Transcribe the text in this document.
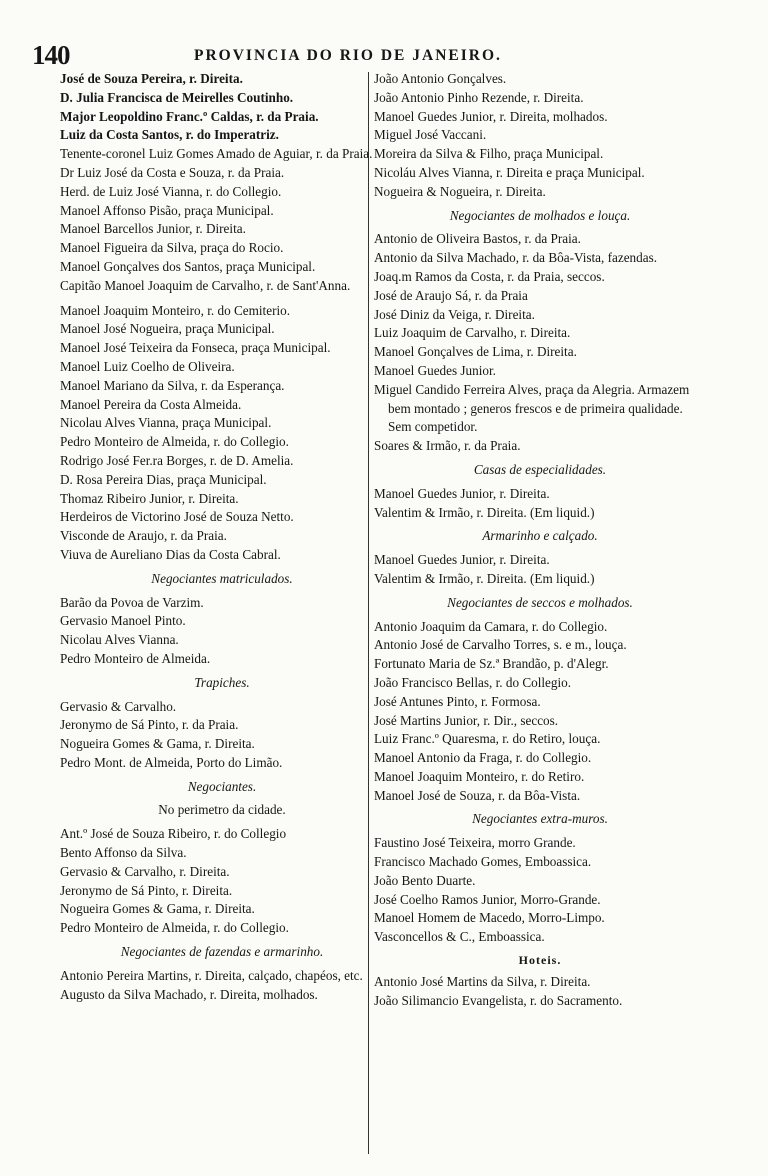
140	PROVINCIA DO RIO DE JANEIRO.

José de Souza Pereira, r. Direita.

D. Julia Francisca de Meirelles Coutinho.

Major Leopoldino Franc.º Caldas, r. da Praia.

Luiz da Costa Santos, r. do Imperatriz.

Tenente-coronel Luiz Gomes Amado de Aguiar, r. da Praia.

Dr Luiz José da Costa e Souza, r. da Praia.

Herd. de Luiz José Vianna, r. do Collegio.

Manoel Affonso Pisão, praça Municipal.

Manoel Barcellos Junior, r. Direita.

Manoel Figueira da Silva, praça do Rocio.

Manoel Gonçalves dos Santos, praça Municipal.

Capitão Manoel Joaquim de Carvalho, r. de Sant'Anna.

Manoel Joaquim Monteiro, r. do Cemiterio.

Manoel José Nogueira, praça Municipal.

Manoel José Teixeira da Fonseca, praça Municipal.

Manoel Luiz Coelho de Oliveira.

Manoel Mariano da Silva, r. da Esperança.

Manoel Pereira da Costa Almeida.

Nicolau Alves Vianna, praça Municipal.

Pedro Monteiro de Almeida, r. do Collegio.

Rodrigo José Fer.ra Borges, r. de D. Amelia.

D. Rosa Pereira Dias, praça Municipal.

Thomaz Ribeiro Junior, r. Direita.

Herdeiros de Victorino José de Souza Netto.

Visconde de Araujo, r. da Praia.

Viuva de Aureliano Dias da Costa Cabral.

Negociantes matriculados.

Barão da Povoa de Varzim.

Gervasio Manoel Pinto.

Nicolau Alves Vianna.

Pedro Monteiro de Almeida.

Trapiches.

Gervasio & Carvalho.

Jeronymo de Sá Pinto, r. da Praia.

Nogueira Gomes & Gama, r. Direita.

Pedro Mont. de Almeida, Porto do Limão.

Negociantes.

No perimetro da cidade.

Ant.º José de Souza Ribeiro, r. do Collegio

Bento Affonso da Silva.

Gervasio & Carvalho, r. Direita.

Jeronymo de Sá Pinto, r. Direita.

Nogueira Gomes & Gama, r. Direita.

Pedro Monteiro de Almeida, r. do Collegio.

Negociantes de fazendas e armarinho.

Antonio Pereira Martins, r. Direita, calçado, chapéos, etc.

Augusto da Silva Machado, r. Direita, molhados.

João Antonio Gonçalves.

João Antonio Pinho Rezende, r. Direita.

Manoel Guedes Junior, r. Direita, molhados.

Miguel José Vaccani.

Moreira da Silva & Filho, praça Municipal.

Nicoláu Alves Vianna, r. Direita e praça Municipal.

Nogueira & Nogueira, r. Direita.

Negociantes de molhados e louça.

Antonio de Oliveira Bastos, r. da Praia.

Antonio da Silva Machado, r. da Bôa-Vista, fazendas.

Joaq.m Ramos da Costa, r. da Praia, seccos.

José de Araujo Sá, r. da Praia

José Diniz da Veiga, r. Direita.

Luiz Joaquim de Carvalho, r. Direita.

Manoel Gonçalves de Lima, r. Direita.

Manoel Guedes Junior.

Miguel Candido Ferreira Alves, praça da Alegria. Armazem bem montado ; generos frescos e de primeira qualidade. Sem competidor.

Soares & Irmão, r. da Praia.

Casas de especialidades.

Manoel Guedes Junior, r. Direita.

Valentim & Irmão, r. Direita. (Em liquid.)

Armarinho e calçado.

Manoel Guedes Junior, r. Direita.

Valentim & Irmão, r. Direita. (Em liquid.)

Negociantes de seccos e molhados.

Antonio Joaquim da Camara, r. do Collegio.

Antonio José de Carvalho Torres, s. e m., louça.

Fortunato Maria de Sz.ª Brandão, p. d'Alegr.

João Francisco Bellas, r. do Collegio.

José Antunes Pinto, r. Formosa.

José Martins Junior, r. Dir., seccos.

Luiz Franc.º Quaresma, r. do Retiro, louça.

Manoel Antonio da Fraga, r. do Collegio.

Manoel Joaquim Monteiro, r. do Retiro.

Manoel José de Souza, r. da Bôa-Vista.

Negociantes extra-muros.

Faustino José Teixeira, morro Grande.

Francisco Machado Gomes, Emboassica.

João Bento Duarte.

José Coelho Ramos Junior, Morro-Grande.

Manoel Homem de Macedo, Morro-Limpo.

Vasconcellos & C., Emboassica.

Hoteis.

Antonio José Martins da Silva, r. Direita.

João Silimancio Evangelista, r. do Sacramento.
